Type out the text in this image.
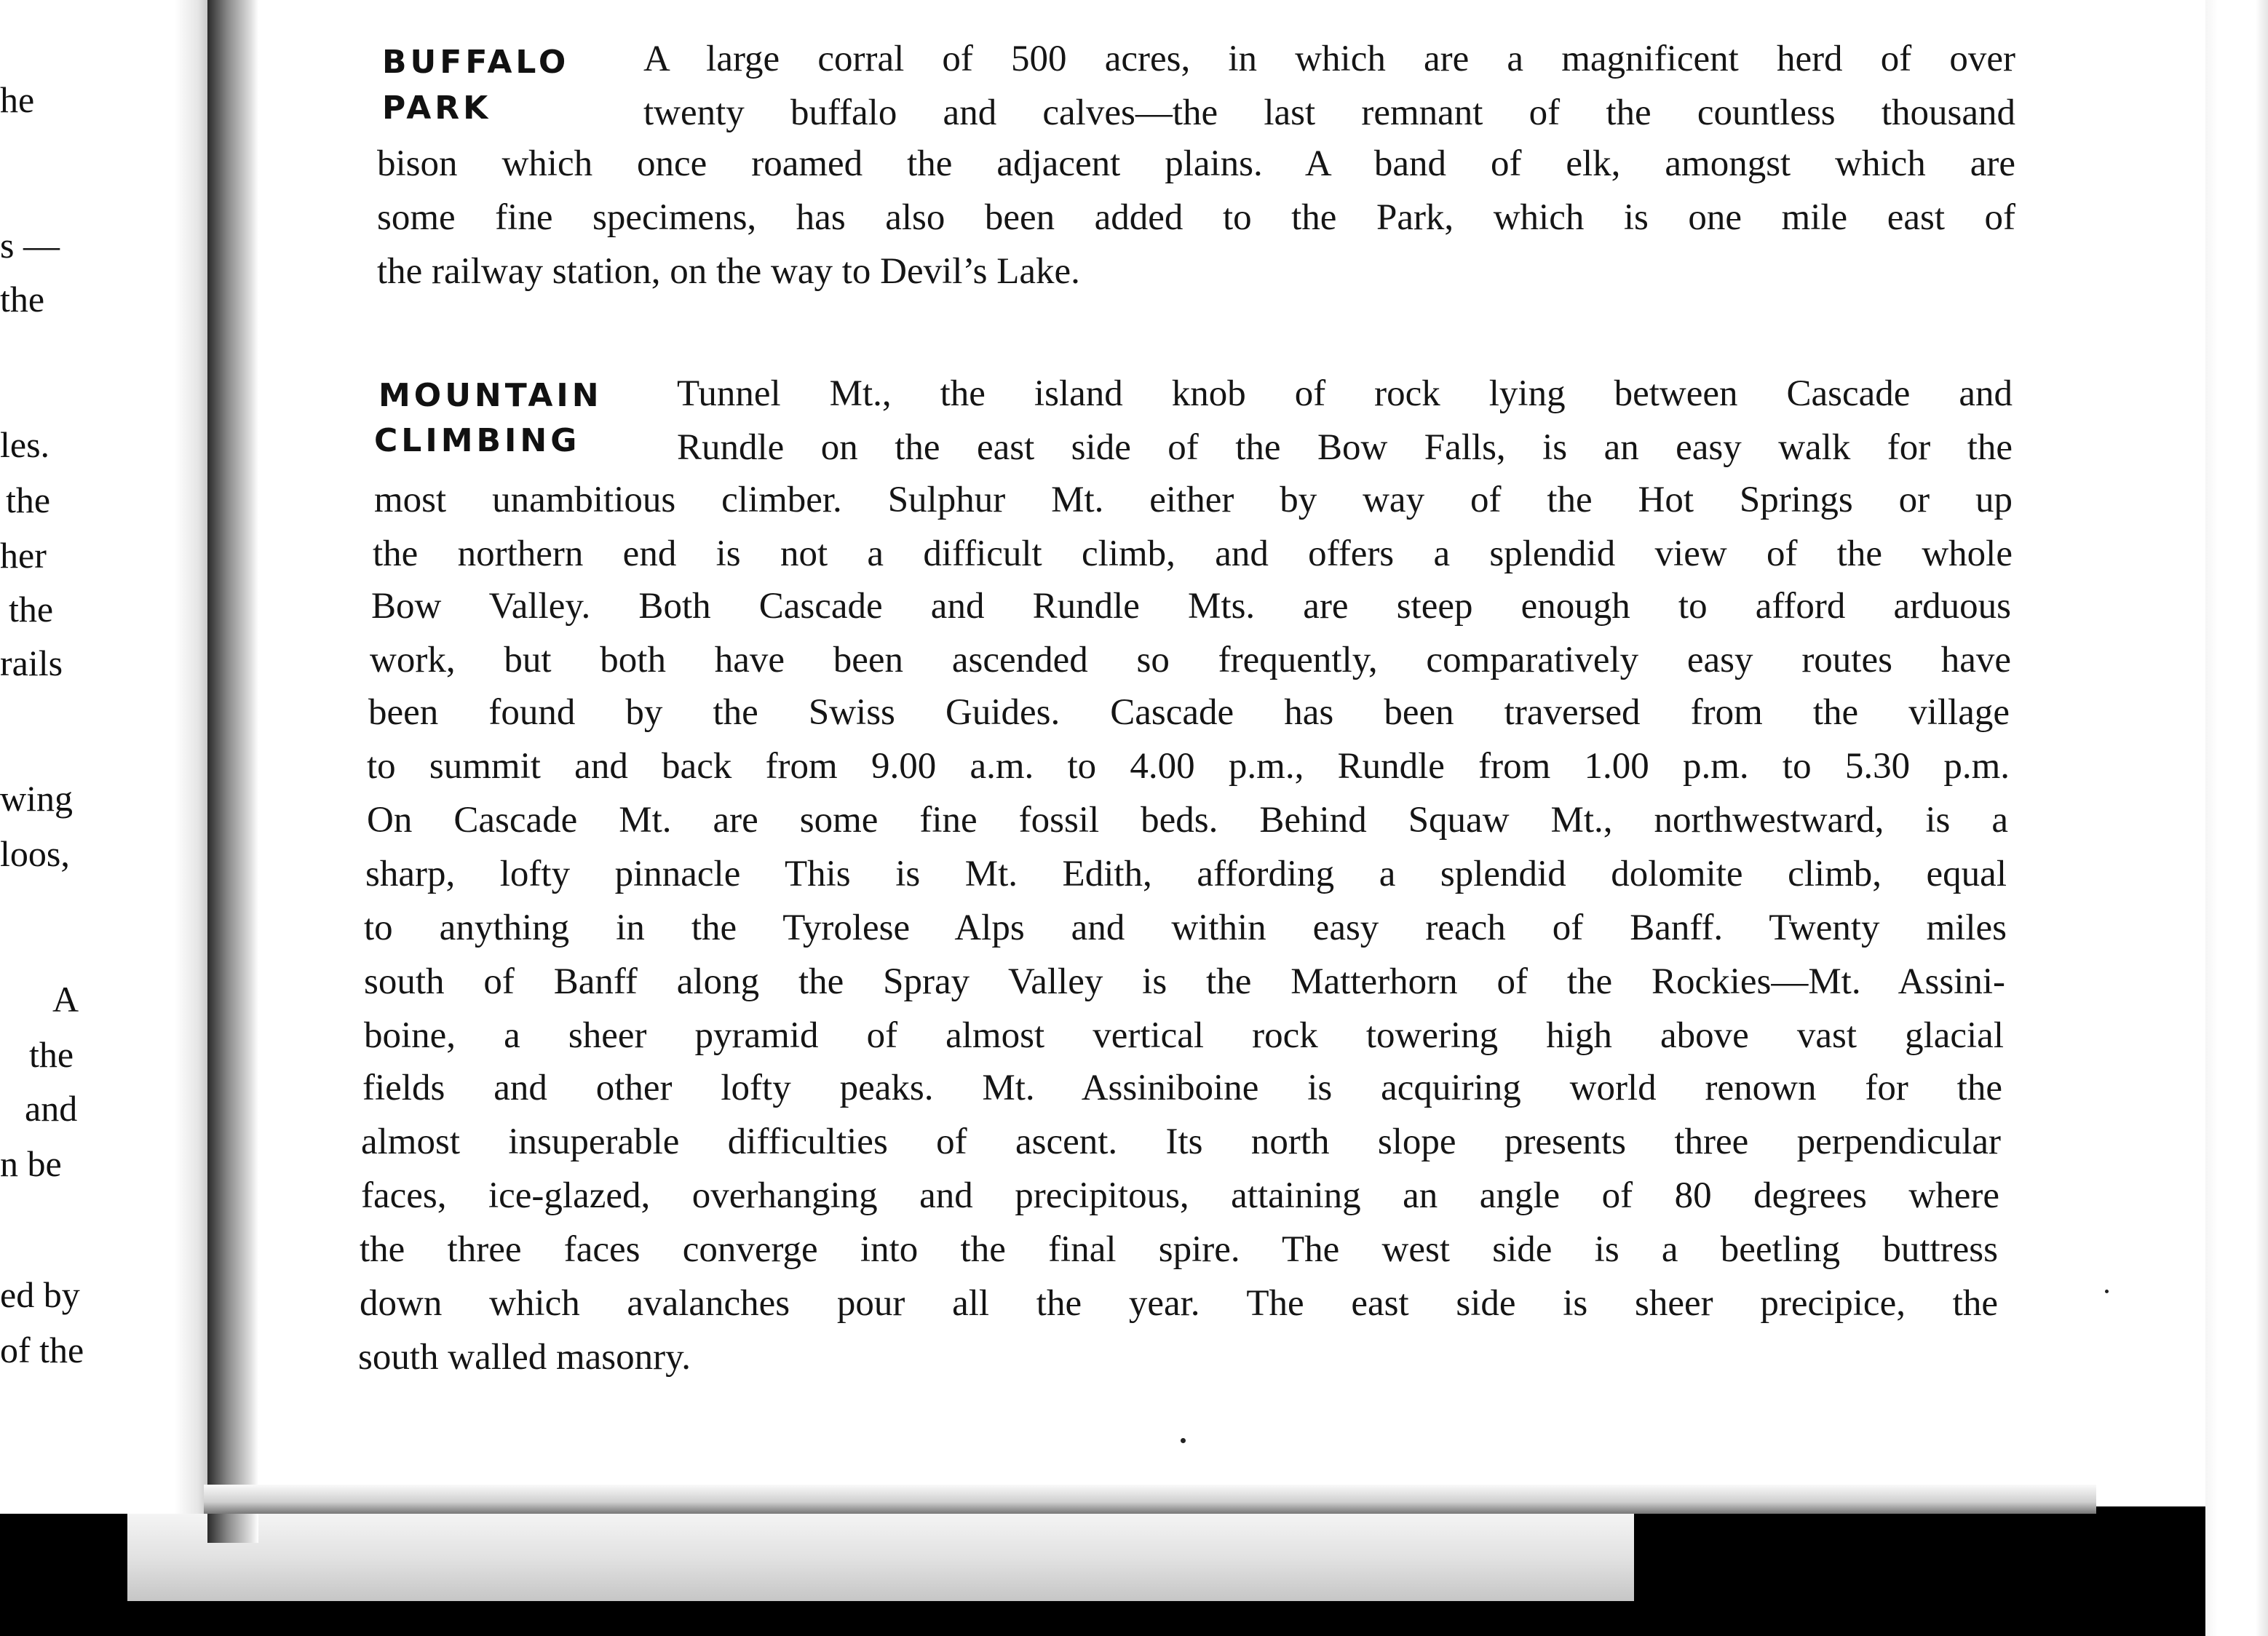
he
s —
the
les.
the
her
the
rails
wing
loos,
A
the
and
n be
ed by
of the
BUFFALO
PARK
A large corral of 500 acres, in which are a magnificent herd of over
twenty buffalo and calves—the last remnant of the countless thousand
bison which once roamed the adjacent plains. A band of elk, amongst which are
some fine specimens, has also been added to the Park, which is one mile east of
the railway station, on the way to Devil’s Lake.
MOUNTAIN
CLIMBING
Tunnel Mt., the island knob of rock lying between Cascade and
Rundle on the east side of the Bow Falls, is an easy walk for the
most unambitious climber. Sulphur Mt. either by way of the Hot Springs or up
the northern end is not a difficult climb, and offers a splendid view of the whole
Bow Valley. Both Cascade and Rundle Mts. are steep enough to afford arduous
work, but both have been ascended so frequently, comparatively easy routes have
been found by the Swiss Guides. Cascade has been traversed from the village
to summit and back from 9.00 a.m. to 4.00 p.m., Rundle from 1.00 p.m. to 5.30 p.m.
On Cascade Mt. are some fine fossil beds. Behind Squaw Mt., northwestward, is a
sharp, lofty pinnacle This is Mt. Edith, affording a splendid dolomite climb, equal
to anything in the Tyrolese Alps and within easy reach of Banff. Twenty miles
south of Banff along the Spray Valley is the Matterhorn of the Rockies—Mt. Assini-
boine, a sheer pyramid of almost vertical rock towering high above vast glacial
fields and other lofty peaks. Mt. Assiniboine is acquiring world renown for the
almost insuperable difficulties of ascent. Its north slope presents three perpendicular
faces, ice-glazed, overhanging and precipitous, attaining an angle of 80 degrees where
the three faces converge into the final spire. The west side is a beetling buttress
down which avalanches pour all the year. The east side is sheer precipice, the
south walled masonry.
